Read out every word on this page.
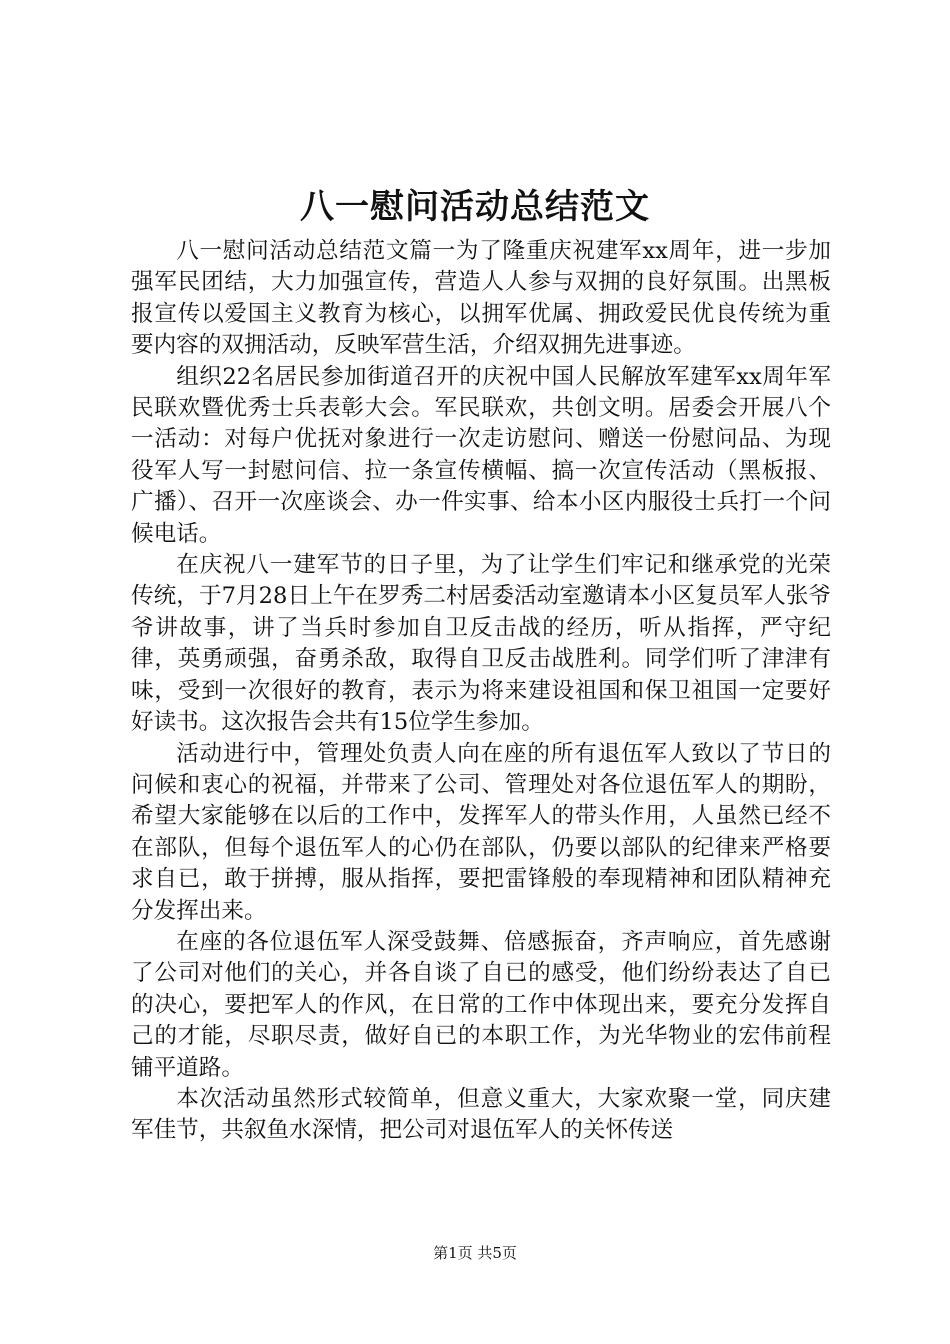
八一慰问活动总结范文

八一慰问活动总结范文篇一为了隆重庆祝建军xx周年，进一步加强军民团结，大力加强宣传，营造人人参与双拥的良好氛围。出黑板报宣传以爱国主义教育为核心，以拥军优属、拥政爱民优良传统为重要内容的双拥活动，反映军营生活，介绍双拥先进事迹。

组织22名居民参加街道召开的庆祝中国人民解放军建军xx周年军民联欢暨优秀士兵表彰大会。军民联欢，共创文明。居委会开展八个一活动：对每户优抚对象进行一次走访慰问、赠送一份慰问品、为现役军人写一封慰问信、拉一条宣传横幅、搞一次宣传活动（黑板报、广播）、召开一次座谈会、办一件实事、给本小区内服役士兵打一个问候电话。

在庆祝八一建军节的日子里，为了让学生们牢记和继承党的光荣传统，于7月28日上午在罗秀二村居委活动室邀请本小区复员军人张爷爷讲故事，讲了当兵时参加自卫反击战的经历，听从指挥，严守纪律，英勇顽强，奋勇杀敌，取得自卫反击战胜利。同学们听了津津有味，受到一次很好的教育，表示为将来建设祖国和保卫祖国一定要好好读书。这次报告会共有15位学生参加。

活动进行中，管理处负责人向在座的所有退伍军人致以了节日的问候和衷心的祝福，并带来了公司、管理处对各位退伍军人的期盼，希望大家能够在以后的工作中，发挥军人的带头作用，人虽然已经不在部队，但每个退伍军人的心仍在部队，仍要以部队的纪律来严格要求自已，敢于拼搏，服从指挥，要把雷锋般的奉现精神和团队精神充分发挥出来。

在座的各位退伍军人深受鼓舞、倍感振奋，齐声响应，首先感谢了公司对他们的关心，并各自谈了自已的感受，他们纷纷表达了自已的决心，要把军人的作风，在日常的工作中体现出来，要充分发挥自己的才能，尽职尽责，做好自已的本职工作，为光华物业的宏伟前程铺平道路。

本次活动虽然形式较简单，但意义重大，大家欢聚一堂，同庆建军佳节，共叙鱼水深情，把公司对退伍军人的关怀传送

第1页 共5页
